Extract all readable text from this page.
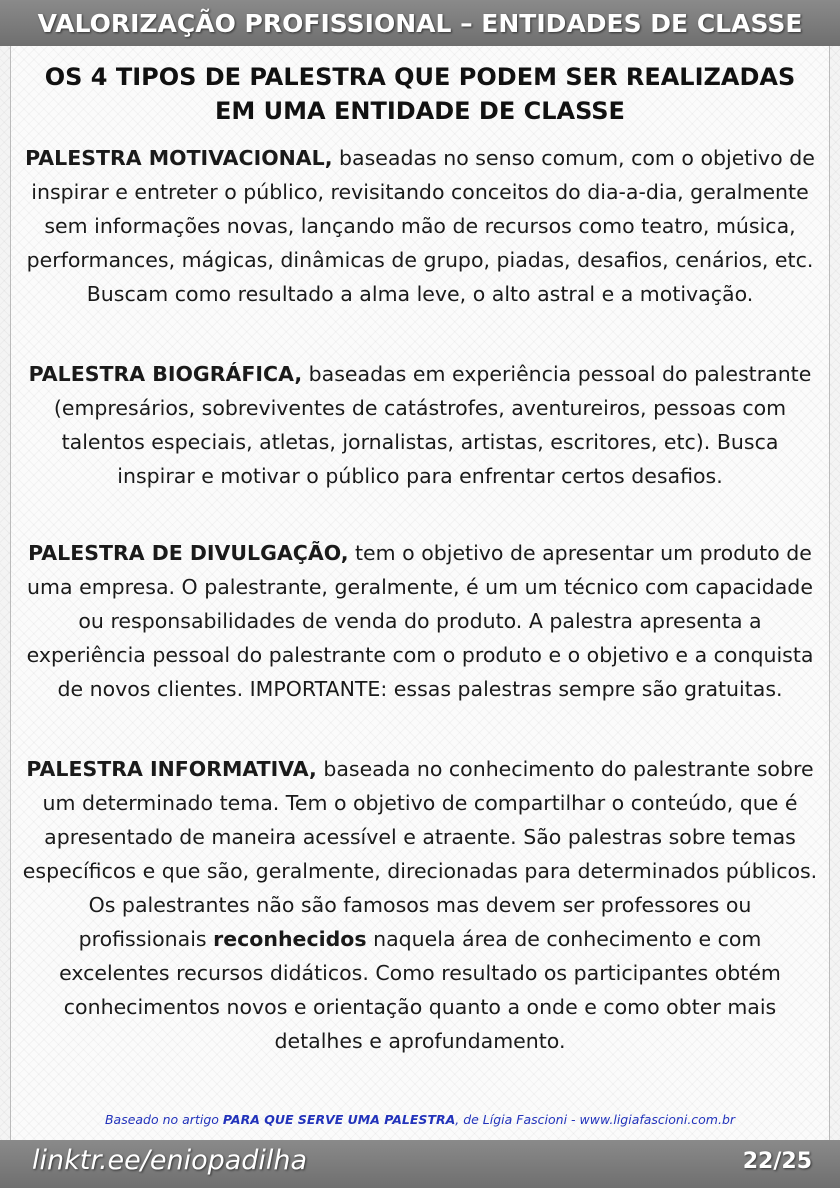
VALORIZAÇÃO PROFISSIONAL – ENTIDADES DE CLASSE
OS 4 TIPOS DE PALESTRA QUE PODEM SER REALIZADAS
EM UMA ENTIDADE DE CLASSE

PALESTRA MOTIVACIONAL, baseadas no senso comum, com o objetivo de inspirar e entreter o público, revisitando conceitos do dia-a-dia, geralmente sem informações novas, lançando mão de recursos como teatro, música, performances, mágicas, dinâmicas de grupo, piadas, desafios, cenários, etc. Buscam como resultado a alma leve, o alto astral e a motivação.

PALESTRA BIOGRÁFICA, baseadas em experiência pessoal do palestrante (empresários, sobreviventes de catástrofes, aventureiros, pessoas com talentos especiais, atletas, jornalistas, artistas, escritores, etc). Busca inspirar e motivar o público para enfrentar certos desafios.

PALESTRA DE DIVULGAÇÃO, tem o objetivo de apresentar um produto de uma empresa. O palestrante, geralmente, é um um técnico com capacidade ou responsabilidades de venda do produto. A palestra apresenta a experiência pessoal do palestrante com o produto e o objetivo e a conquista de novos clientes. IMPORTANTE: essas palestras sempre são gratuitas.

PALESTRA INFORMATIVA, baseada no conhecimento do palestrante sobre um determinado tema. Tem o objetivo de compartilhar o conteúdo, que é apresentado de maneira acessível e atraente. São palestras sobre temas específicos e que são, geralmente, direcionadas para determinados públicos. Os palestrantes não são famosos mas devem ser professores ou profissionais reconhecidos naquela área de conhecimento e com excelentes recursos didáticos. Como resultado os participantes obtém conhecimentos novos e orientação quanto a onde e como obter mais detalhes e aprofundamento.

Baseado no artigo PARA QUE SERVE UMA PALESTRA, de Lígia Fascioni - www.ligiafascioni.com.br
linktr.ee/eniopadilha	22/25
